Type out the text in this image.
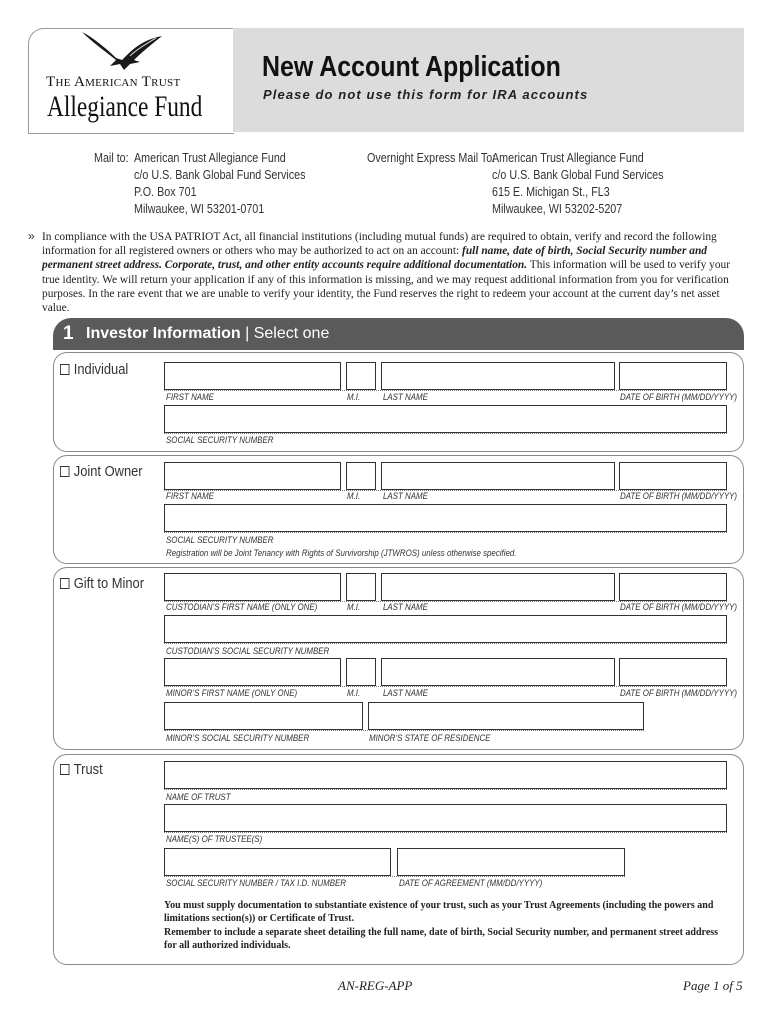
The American Trust
Allegiance Fund
New Account Application
Please do not use this form for IRA accounts
Mail to: American Trust Allegiance Fund
c/o U.S. Bank Global Fund Services
P.O. Box 701
Milwaukee, WI 53201-0701
Overnight Express Mail To:
American Trust Allegiance Fund
c/o U.S. Bank Global Fund Services
615 E. Michigan St., FL3
Milwaukee, WI 53202-5207
» In compliance with the USA PATRIOT Act, all financial institutions (including mutual funds) are required to obtain, verify and record the following information for all registered owners or others who may be authorized to act on an account: full name, date of birth, Social Security number and permanent street address. Corporate, trust, and other entity accounts require additional documentation. This information will be used to verify your true identity. We will return your application if any of this information is missing, and we may request additional information from you for verification purposes. In the rare event that we are unable to verify your identity, the Fund reserves the right to redeem your account at the current day’s net asset value.
1 Investor Information | Select one
Individual
FIRST NAME	M.I.	LAST NAME	DATE OF BIRTH (MM/DD/YYYY)
SOCIAL SECURITY NUMBER
Joint Owner
FIRST NAME	M.I.	LAST NAME	DATE OF BIRTH (MM/DD/YYYY)
SOCIAL SECURITY NUMBER
Registration will be Joint Tenancy with Rights of Survivorship (JTWROS) unless otherwise specified.
Gift to Minor
CUSTODIAN’S FIRST NAME (ONLY ONE)	M.I.	LAST NAME	DATE OF BIRTH (MM/DD/YYYY)
CUSTODIAN’S SOCIAL SECURITY NUMBER
MINOR’S FIRST NAME (ONLY ONE)	M.I.	LAST NAME	DATE OF BIRTH (MM/DD/YYYY)
MINOR’S SOCIAL SECURITY NUMBER	MINOR’S STATE OF RESIDENCE
Trust
NAME OF TRUST
NAME(S) OF TRUSTEE(S)
SOCIAL SECURITY NUMBER / TAX I.D. NUMBER	DATE OF AGREEMENT (MM/DD/YYYY)
You must supply documentation to substantiate existence of your trust, such as your Trust Agreements (including the powers and limitations section(s)) or Certificate of Trust.
Remember to include a separate sheet detailing the full name, date of birth, Social Security number, and permanent street address for all authorized individuals.
AN-REG-APP	Page 1 of 5
